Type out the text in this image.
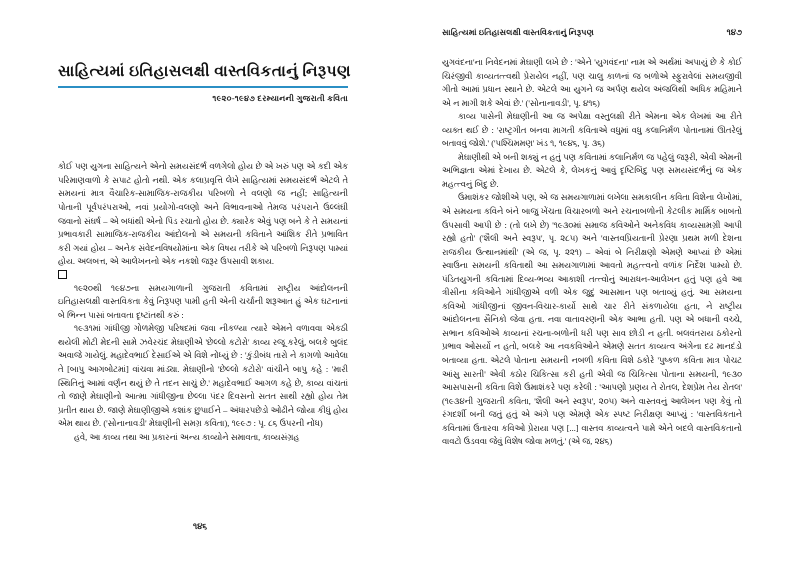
સાહિત્યમાં ઇતિહાસલક્ષી વાસ્તવિકતાનું નિરૂપણ
૧૯૨૦-૧૯૪૭ દરમ્યાનની ગુજરાતી કવિતા

કોઈ પણ યુગના સાહિત્યને એનો સમયસંદર્ભ વળગેલો હોય છે એ ખરું પણ એ કદી એક પરિમાણવાળો કે સપાટ હોતો નથી. એક કલાપ્રવૃત્તિ લેખે સાહિત્યમાં સમયસંદર્ભ એટલે તે સમયનાં માત્ર વૈચારિક-સામાજિક-રાજકીય પરિબળો ને વલણો જ નહીં; સાહિત્યની પોતાની પૂર્વપરંપરાઓ, નવાં પ્રયોગો-વલણો અને વિભાવનાઓ તેમજ પરંપરાને ઉલ્લંઘી જવાનો સંઘર્ષ – એ બધાંથી એનો પિંડ રચાતો હોય છે. ક્યારેક એવું પણ બને કે તે સમયનાં પ્રભાવકારી સામાજિક-રાજકીય આંદોલનો એ સમયની કવિતાને આંશિક રીતે પ્રભાવિત કરી ગયાં હોય – અનેક સંવેદનવિષયોમાંના એક વિષય તરીકે એ પરિબળો નિરૂપણ પામ્યાં હોય. અલબત્ત, એ આલેખનનો એક નકશો જરૂર ઉપસાવી શકાય.

૧૯૨૦થી ૧૯૪૭ના સમયગાળાની ગુજરાતી કવિતામાં રાષ્ટ્રીય આંદોલનની ઇતિહાસલક્ષી વાસ્તવિકતા કેવું નિરૂપણ પામી હતી એની ચર્ચાની શરૂઆત હું એક ઘટનાનાં બે ભિન્ન પાસાં બતાવતા દૃષ્ટાંતથી કરું :

૧૯૩૧માં ગાંધીજી ગોળમેજી પરિષદમાં જવા નીકળ્યા ત્યારે એમને વળાવવા એકઠી થયેલી મોટી મેદની સામે ઝવેરચંદ મેઘાણીએ 'છેલ્લો કટોરો' કાવ્ય રજૂ કરેલું, બલકે બુલંદ અવાજે ગાયેલું. મહાદેવભાઈ દેસાઈએ એ વિશે નોંધ્યું છે : 'કુંડીબંધ તારો ને કાગળો આવેલા તે [બાપુ આગબોટમાં] વાંચવા માંડ્યા. મેઘાણીનો 'છેલ્લો કટોરો' વાંચીને બાપુ કહે : 'મારી સ્થિતિનું આમાં વર્ણન થયું છે તે તદન સાચું છે.' મહાદેવભાઈ આગળ કહે છે, કાવ્ય વાંચતાં તો જાણે મેઘાણીનો આત્મા ગાંધીજીના છેલ્લા પંદર દિવસનો સતત સાથી રહ્યો હોય તેમ પ્રતીત થાય છે. જાણે મેઘાણીજીએ કશાંક છુપાઈને – અંધારપછેડો ઓઢીને જોયા કીધું હોય એમ થાય છે. ('સોનાનાવડી' મેઘાણીની સમગ્ર કવિતા), ૧૯૯૭ : પૃ. ૮૬ ઉપરની નોંધ)

હવે, આ કાવ્ય તથા આ પ્રકારનાં અન્ય કાવ્યોને સમાવતા, કાવ્યસંગ્રહ

૧૪૬
સાહિત્યમાં ઇતિહાસલક્ષી વાસ્તવિકતાનું નિરૂપણ	૧૪૭

યુગવંદના'ના નિવેદનમાં મેઘાણી લખે છે : 'એને 'યુગવંદના' નામ એ અર્થમાં અપાયું છે કે કોઈ ચિરંજીવી કાવ્યતત્ત્વથી પ્રેરાયેલ નહીં, પણ ચાલુ કાળનાં જ બળોએ સ્ફુરાવેલાં સમયજીવી ગીતો આમાં પ્રધાન સ્થાને છે. એટલે આ યુગને જ અર્પણ થયેલ અંજલિથી અધિક મહિમાને એ ન માગી શકે એવાં છે.' ('સોનાનાવડી', પૃ. ૪૧૬)

કાવ્ય પાસેની મેઘાણીની આ જ અપેક્ષા વસ્તુલક્ષી રીતે એમના એક લેખમાં આ રીતે વ્યક્ત થઈ છે : 'રાષ્ટ્રગીત બનવા માગતી કવિતાએ વધુમાં વધુ કલાનિર્મળ પોતાનામાં ઊતરેલું બતાવવું જોશે.' ('પશ્ચિમમણ' ખંડ ૧, ૧૯૪૬, પૃ. ૩૬)

મેઘાણીથી એ બની શક્યું ન હતું પણ કવિતામાં કલાનિર્મળ જ પહેલું જરૂરી, એવી એમની અભિજ્ઞતા એમાં દેખાય છે. એટલે કે, લેખકનું આવું દૃષ્ટિબિંદુ પણ સમયસંદર્ભનું જ એક મહત્ત્વનું બિંદુ છે.

ઉમાશંકર જોશીએ પણ, એ જ સમયગાળામાં લખેલા સમકાલીન કવિતા વિશેના લેખોમાં, એ સમયના કવિને બંને બાજુ ખેંચતા વિચારબળો અને રચનાબળોની કેટલીક માર્મિક બાબતો ઉપસાવી આપી છે : (તો લખે છે) '૧૯૩૦માં સમાજ કવિઓને અનેકવિધ કાવ્યસામગ્રી આપી રહ્યો હતો' ('શૈલી અને સ્વરૂપ', પૃ. ૨૮૫) અને 'વાસ્તવપ્રિયતાની પ્રેરણા પ્રથમ મળી દેશના રાજકીય ઉત્થાનમાંથી' (એ જ, પૃ. ૨૨૧) – એવાં બે નિરીક્ષણો એમણે આપ્યાં છે એમાં સ્વાઉના સમયની કવિતાથી આ સમયગાળામાં આવતો મહત્ત્વનો વળાંક નિર્દેશ પામ્યો છે. પંડિતયુગની કવિતામાં દિવ્ય-ભવ્ય આકાશી તત્ત્વોનું આરાધન-આલેખન હતું પણ હવે આ ત્રીસીના કવિઓને ગાંધીજીએ વળી એક જુદું આસમાન પણ બતાવ્યું હતું. આ સમયના કવિઓ ગાંધીજીનાં જીવન-વિચાર-કાર્યો સાથે ચાર રીતે સંકળાયેલા હતા, ને રાષ્ટ્રીય આંદોલનના સૈનિકો જેવા હતા. નવા વાતાવરણની એક આભા હતી. પણ એ બધાની વચ્ચે, સભાન કવિઓએ કાવ્યનાં રચના-બળોની ધરી પણ સાવ છોડી ન હતી. બલવંતરાય ઠકોરનો પ્રભાવ ઓસર્યો ન હતો, બલકે આ નવકવિઓને એમણે સતત કાવ્યત્વ અંગેના દઢ માનદંડો બતાવ્યા હતા. એટલે પોતાના સમયની નબળી કવિતા વિશે ઠકોરે 'પુષ્કળ કવિતા માત્ર પોચટ આંસુ સારતી' એવી કઠોર ચિકિત્સા કરી હતી એવી જ ચિકિત્સા પોતાના સમયની, ૧૯૩૦ આસપાસની કવિતા વિશે ઉમાશંકરે પણ કરેલી : 'આપણો પ્રણય તે રોતલ, દેશપ્રેમ તેય રોતલ' (૧૯૩૪ની ગુજરાતી કવિતા, 'શૈલી અને સ્વરૂપ', ૨૦૫) અને વાસ્તવનું આલેખન પણ કેવું તો રંગદર્શી બની જતું હતું એ અંગે પણ એમણે એક સ્પષ્ટ નિરીક્ષણ આપ્યું : 'વાસ્તવિકતાને કવિતામાં ઉતારવા કવિઓ પ્રેરાયા પણ [...] વાસ્તવ કાવ્યત્વને પામે એને બદલે વાસ્તવિકતાનો વાવટો ઉડવવા જેવું વિશેષ જોવા મળતું.' (એ જ, ૨૪૬)
